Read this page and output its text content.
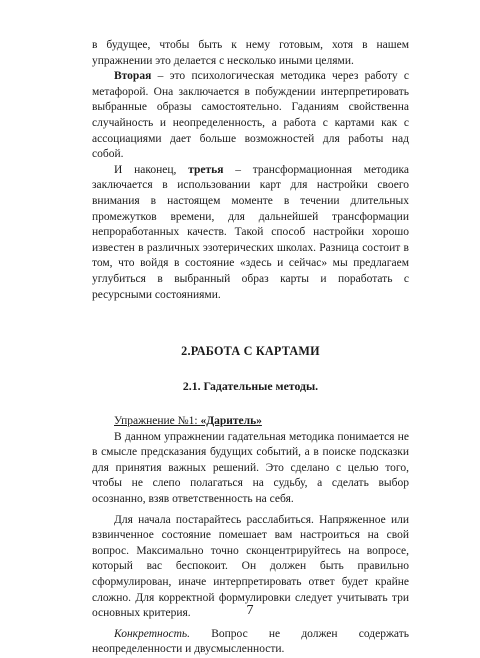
в будущее, чтобы быть к нему готовым, хотя в нашем упражнении это делается с несколько иными целями.

Вторая – это психологическая методика через работу с метафорой. Она заключается в побуждении интерпретировать выбранные образы самостоятельно. Гаданиям свойственна случайность и неопределенность, а работа с картами как с ассоциациями дает больше возможностей для работы над собой.

И наконец, третья – трансформационная методика заключается в использовании карт для настройки своего внимания в настоящем моменте в течении длительных промежутков времени, для дальнейшей трансформации непроработанных качеств. Такой способ настройки хорошо известен в различных эзотерических школах. Разница состоит в том, что войдя в состояние «здесь и сейчас» мы предлагаем углубиться в выбранный образ карты и поработать с ресурсными состояниями.

2.РАБОТА С КАРТАМИ
2.1. Гадательные методы.

Упражнение №1: «Даритель»

В данном упражнении гадательная методика понимается не в смысле предсказания будущих событий, а в поиске подсказки для принятия важных решений. Это сделано с целью того, чтобы не слепо полагаться на судьбу, а сделать выбор осознанно, взяв ответственность на себя.

Для начала постарайтесь расслабиться. Напряженное или взвинченное состояние помешает вам настроиться на свой вопрос. Максимально точно сконцентрируйтесь на вопросе, который вас беспокоит. Он должен быть правильно сформулирован, иначе интерпретировать ответ будет крайне сложно. Для корректной формулировки следует учитывать три основных критерия.

Конкретность. Вопрос не должен содержать неопределенности и двусмысленности.

7
